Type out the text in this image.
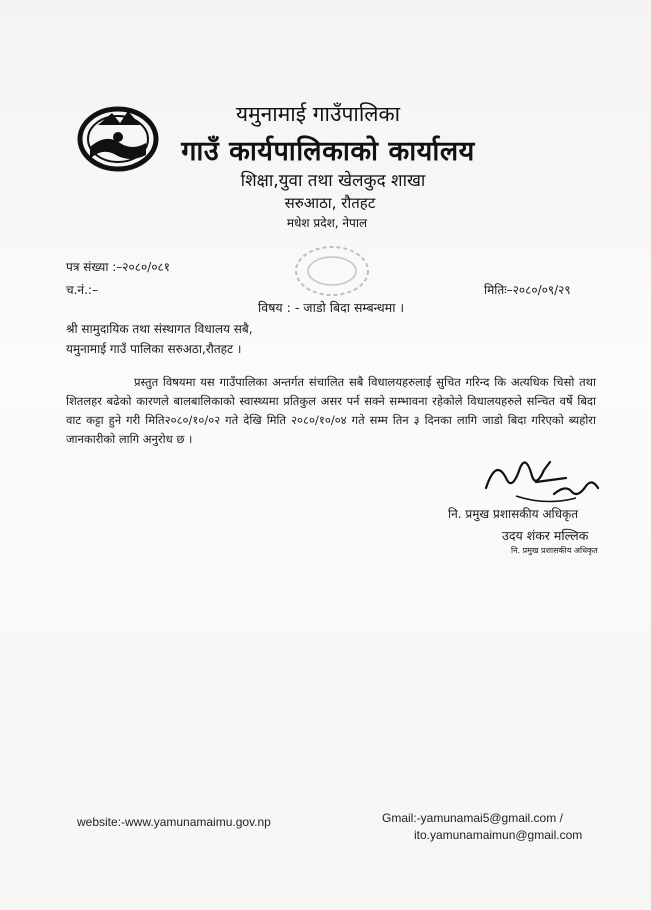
यमुनामाई गाउँपालिका
गाउँ कार्यपालिकाको कार्यालय
शिक्षा,युवा तथा खेलकुद शाखा
सरुआठा, रौतहट
मधेश प्रदेश, नेपाल
पत्र संख्या :–२०८०/०८१
च.नं.:–	मितिः–२०८०/०९/२९
विषय : - जाडो बिदा सम्बन्धमा ।
श्री सामुदायिक तथा संस्थागत विधालय सबै,
यमुनामाई गाउँ पालिका सरुअठा,रौतहट ।
प्रस्तुत विषयमा यस गाउँपालिका अन्तर्गत संचालित सबै विधालयहरुलाई सुचित गरिन्द कि अत्यधिक चिसो तथा शितलहर बढेको कारणले बालबालिकाको स्वास्थ्यमा प्रतिकुल असर पर्न सक्ने सम्भावना रहेकोले विधालयहरुले सन्चित वर्षे बिदा वाट कट्टा हुने गरी मिति२०८०/१०/०२ गते देखि मिति २०८०/१०/०४ गते सम्म तिन ३ दिनका लागि जाडो बिदा गरिएको ब्यहोरा जानकारीको लागि अनुरोध छ ।
नि. प्रमुख प्रशासकीय अधिकृत
उदय शंकर मल्लिक
नि. प्रमुख प्रशासकीय अधिकृत
website:-www.yamunamaimu.gov.np	Gmail:-yamunamai5@gmail.com /
ito.yamunamaimun@gmail.com
